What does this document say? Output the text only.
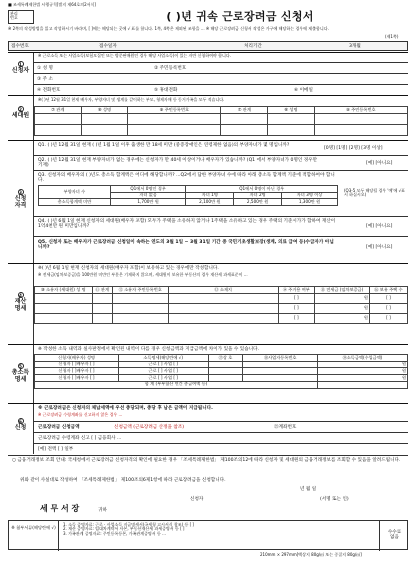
■ 조세특례제한법 시행규칙[별지 제64호의2서식]
관리
번호	( )년 귀속 근로장려금 신청서
※ 2쪽의 작성방법을 읽고 작성하시기 바라며, [ ]에는 해당되는 곳에 √ 표를 합니다. 1쪽, 4쪽은 제외된 조항을 ... ※ 해당 근로장려금 신청서 작성은 가구에 해당하는 경우에 제출합니다.
(제1쪽)
접수번호	접수일자	처리기간	3개월
1
신청자
※ 근로소득 또는 사업소득(보험모집인 또는 방문판매원인 경우 해당 사업소득)이 있는 자만 신청하여야 합니다.
① 성 명	② 주민등록번호
③ 주 소
④ 전화번호	⑤ 휴대전화	⑥ 이메일
2
세대원
※( )년 12월 31일 현재 배우자, 부양자녀 및 생계를 같이하는 부모, 형제자매 등 동거가족을 모두 적습니다.
⑦ 관계	⑧ 성명	⑨ 주민등록번호	⑦ 관계	⑧ 성명	⑨ 주민등록번호

3
신청
자격
Q1. ( )년 12월 31일 현재 ( )년 1월 1일 이후 출생한 만 18세 미만 (중증장애인은 연령제한 없음)의 부양자녀가 몇 명입니까?
[0명] [1명] [2명] [3명 이상]
Q2. ( )년 12월 31일 현재 부양자녀가 없는 경우에는 신청자가 만 40세 이상이거나 배우자가 있습니까? (Q1 에서 부양자녀가 0명인 경우만 기재)	[예] [아니요]
Q3. 신청자의 배우자의 ( )년도 총소득 합계액은 어디에 해당합니까? ...Q2에서 답한 부양자녀 수에 따라 아래 총소득 합계액 기준에 적합하여야 합니다.
부양자녀 수	Q1에서 0명인 경우	Q1에서 0명이 아닌 경우		
	자녀 없음	자녀 1명	자녀 2명	자녀 3명 이상
총소득합계액 미만	1,700만 원	2,100만 원	2,500만 원	1,300만 원
(Q3-5 모두 해당될 경우 '예'에 √표시 하십시오)
Q4. ( )년 6월 1일 현재 신청자의 세대원(배우자 포함) 모두가 주택을 소유하지 않거나 1주택을 소유하고 있는 경우 주택의 기준시가가 합하여 재산이 1억4천만 원 미만입니까?	[예] [아니요]
Q5. 신청자 또는 배우자가 근로장려금 신청일이 속하는 연도의 3월 1일 ~ 3월 31일 기간 중 국민기초생활보장(생계, 의료 급여 등)수급자가 아닙니까?	[예] [아니요]
4
재산
명세
※( )년 6월 1일 현재 신청자의 세대원(배우자 포함)이 보유하고 있는 경우에만 작성합니다.
※ 전세금(임차보증금)을 100만원 미만인 부분은 기재하지 않으며, 세대원이 보유한 부동산의 경우 재산세 과세표준이 ...
⑩ 소유자 (세대원) 성 명	⑪ 관계	⑫ 소유자 주민등록번호	⑬ 소재지	⑭ 주거용 여부	⑮ 전세금 (임차보증금)	⑯ 보유 주택 수
				[ ]	원	[ ]
				[ ]	원	[ ]
				[ ]	원	[ ]
5
총소득
명세
※ 작성한 소득 내역과 실사판정에서 확인된 내역이 다를 경우 신청금액과 지급금액에 차이가 있을 수 있습니다.
신청자(배우자) 성명	소득명세(해당란에 √)	⑰상 호	⑱사업자등록번호	⑲소득금액(수입금액)
신청자 [ ]배우자 [ ]	근로 [ ] 사업 [ ]			원
신청자 [ ]배우자 [ ]	근로 [ ] 사업 [ ]			원
신청자 [ ]배우자 [ ]	근로 [ ] 사업 [ ]			원
합 계 (부부합산 연간 총급여액 등)				
6
신청
※ 근로장려금은 신청자의 체납세액에 우선 충당되며, 충당 후 남은 금액이 지급됩니다.
※ 근로장려금 수령계좌를 신고하지 않은 경우 ...
근로장려금 신청금액	신청금액 (근로장려금 산정을 참조)	㉑계좌번호
근로장려금 수령계좌 신고 [ ] 금융회사 ...
[예] 전액 [ ] 일부
○ 금융거래정보 조회 안내: 국세청에서 근로장려금 신청자격의 확인에 필요한 경우 「조세특례제한법」 제100조의12에 따라 신청자 및 세대원의 금융거래정보를 조회할 수 있음을 알려드립니다.
위와 같이 사실대로 작성하여 「조세특례제한법」 제100조의6제1항에 따라 근로장려금을 신청합니다.
년 월 일
신청자	(서명 또는 인)
세 무 서 장	귀하
※ 첨부서류(해당란에 √)
1. 소득 증명자료: 근로 · 사업소득 지급명세서(국세청 고시서식 참조) 등 [ ]
2. 재산 증명자료: 임대차계약서 사본, 부동산재산세 과세증명서 등 [ ]
3. 가족관계 증명자료: 주민등록등본, 가족관계증명서 등 ...	수수료
없음
210mm × 297mm[백상지 80g/㎡ 또는 중질지 80g/㎡]
